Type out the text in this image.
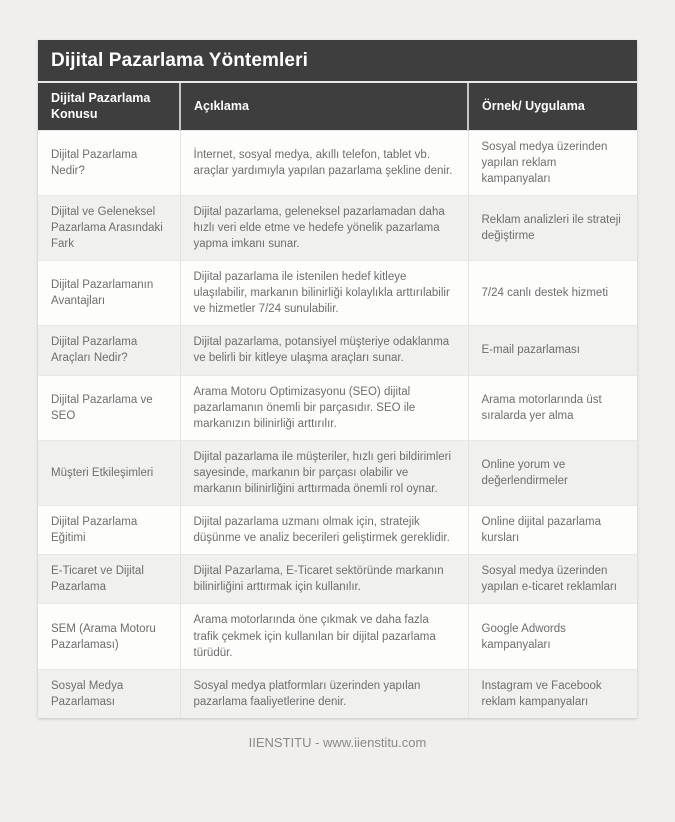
Dijital Pazarlama Yöntemleri
Dijital Pazarlama Konusu	Açıklama	Örnek/ Uygulama
Dijital Pazarlama Nedir?	İnternet, sosyal medya, akıllı telefon, tablet vb. araçlar yardımıyla yapılan pazarlama şekline denir.	Sosyal medya üzerinden yapılan reklam kampanyaları
Dijital ve Geleneksel Pazarlama Arasındaki Fark	Dijital pazarlama, geleneksel pazarlamadan daha hızlı veri elde etme ve hedefe yönelik pazarlama yapma imkanı sunar.	Reklam analizleri ile strateji değiştirme
Dijital Pazarlamanın Avantajları	Dijital pazarlama ile istenilen hedef kitleye ulaşılabilir, markanın bilinirliği kolaylıkla arttırılabilir ve hizmetler 7/24 sunulabilir.	7/24 canlı destek hizmeti
Dijital Pazarlama Araçları Nedir?	Dijital pazarlama, potansiyel müşteriye odaklanma ve belirli bir kitleye ulaşma araçları sunar.	E-mail pazarlaması
Dijital Pazarlama ve SEO	Arama Motoru Optimizasyonu (SEO) dijital pazarlamanın önemli bir parçasıdır. SEO ile markanızın bilinirliği arttırılır.	Arama motorlarında üst sıralarda yer alma
Müşteri Etkileşimleri	Dijital pazarlama ile müşteriler, hızlı geri bildirimleri sayesinde, markanın bir parçası olabilir ve markanın bilinirliğini arttırmada önemli rol oynar.	Online yorum ve değerlendirmeler
Dijital Pazarlama Eğitimi	Dijital pazarlama uzmanı olmak için, stratejik düşünme ve analiz becerileri geliştirmek gereklidir.	Online dijital pazarlama kursları
E-Ticaret ve Dijital Pazarlama	Dijital Pazarlama, E-Ticaret sektöründe markanın bilinirliğini arttırmak için kullanılır.	Sosyal medya üzerinden yapılan e-ticaret reklamları
SEM (Arama Motoru Pazarlaması)	Arama motorlarında öne çıkmak ve daha fazla trafik çekmek için kullanılan bir dijital pazarlama türüdür.	Google Adwords kampanyaları
Sosyal Medya Pazarlaması	Sosyal medya platformları üzerinden yapılan pazarlama faaliyetlerine denir.	Instagram ve Facebook reklam kampanyaları
IIENSTITU - www.iienstitu.com
